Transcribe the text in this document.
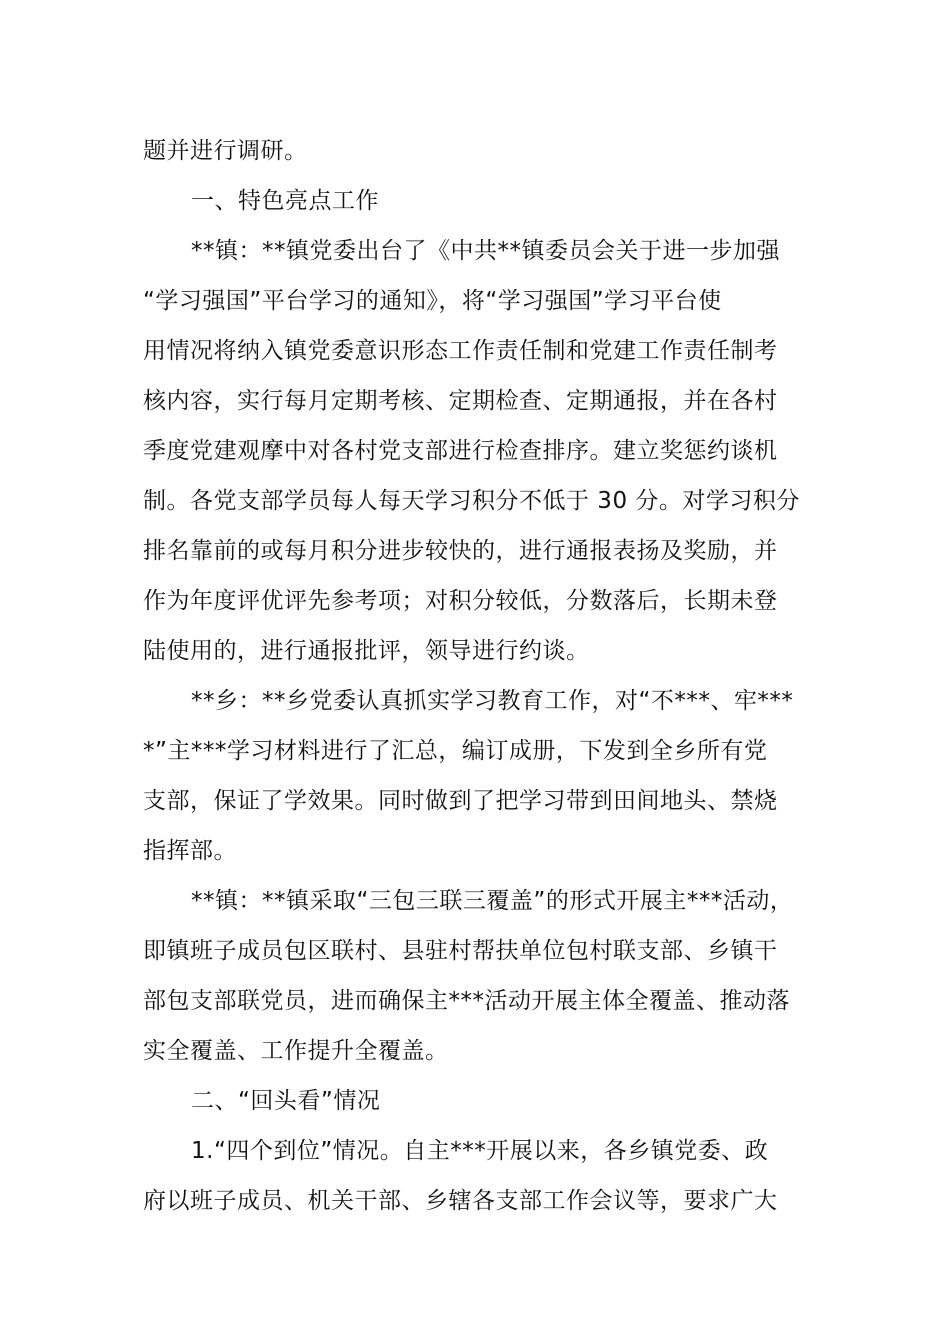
题并进行调研。
一、特色亮点工作
**镇：**镇党委出台了《中共**镇委员会关于进一步加强
“学习强国”平台学习的通知》，将“学习强国”学习平台使
用情况将纳入镇党委意识形态工作责任制和党建工作责任制考
核内容，实行每月定期考核、定期检查、定期通报，并在各村
季度党建观摩中对各村党支部进行检查排序。建立奖惩约谈机
制。各党支部学员每人每天学习积分不低于 30 分。对学习积分
排名靠前的或每月积分进步较快的，进行通报表扬及奖励，并
作为年度评优评先参考项；对积分较低，分数落后，长期未登
陆使用的，进行通报批评，领导进行约谈。
**乡：**乡党委认真抓实学习教育工作，对“不***、牢***
*”主***学习材料进行了汇总，编订成册，下发到全乡所有党
支部，保证了学效果。同时做到了把学习带到田间地头、禁烧
指挥部。
**镇：**镇采取“三包三联三覆盖”的形式开展主***活动，
即镇班子成员包区联村、县驻村帮扶单位包村联支部、乡镇干
部包支部联党员，进而确保主***活动开展主体全覆盖、推动落
实全覆盖、工作提升全覆盖。
二、“回头看”情况
1.“四个到位”情况。自主***开展以来，各乡镇党委、政
府以班子成员、机关干部、乡辖各支部工作会议等，要求广大
